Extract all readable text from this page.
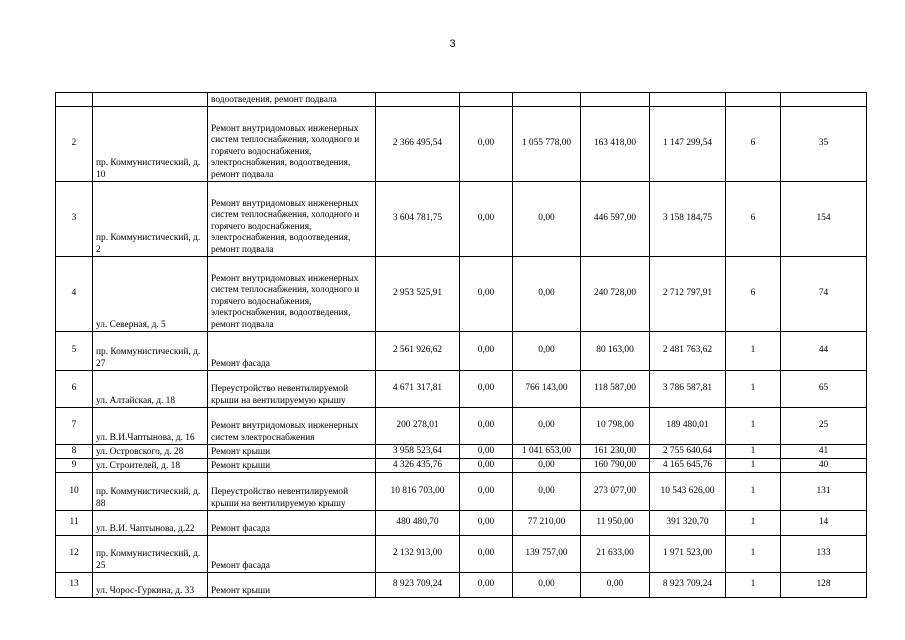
3
		водоотведения, ремонт подвала							
2	пр. Коммунистический, д. 10	Ремонт внутридомовых инженерных систем теплоснабжения, холодного и горячего водоснабжения, электроснабжения, водоотведения, ремонт подвала	2 366 495,54	0,00	1 055 778,00	163 418,00	1 147 299,54	6	35
3	пр. Коммунистический, д. 2	Ремонт внутридомовых инженерных систем теплоснабжения, холодного и горячего водоснабжения, электроснабжения, водоотведения, ремонт подвала	3 604 781,75	0,00	0,00	446 597,00	3 158 184,75	6	154
4	ул. Северная, д. 5	Ремонт внутридомовых инженерных систем теплоснабжения, холодного и горячего водоснабжения, электроснабжения, водоотведения, ремонт подвала	2 953 525,91	0,00	0,00	240 728,00	2 712 797,91	6	74
5	пр. Коммунистический, д. 27	Ремонт фасада	2 561 926,62	0,00	0,00	80 163,00	2 481 763,62	1	44
6	ул. Алтайская, д. 18	Переустройство невентилируемой крыши на вентилируемую крышу	4 671 317,81	0,00	766 143,00	118 587,00	3 786 587,81	1	65
7	ул. В.И.Чаптынова, д. 16	Ремонт внутридомовых инженерных систем электроснабжения	200 278,01	0,00	0,00	10 798,00	189 480,01	1	25
8	ул. Островского, д. 28	Ремонт крыши	3 958 523,64	0,00	1 041 653,00	161 230,00	2 755 640,64	1	41
9	ул. Строителей, д. 18	Ремонт крыши	4 326 435,76	0,00	0,00	160 790,00	4 165 645,76	1	40
10	пр. Коммунистический, д. 88	Переустройство невентилируемой крыши на вентилируемую крышу	10 816 703,00	0,00	0,00	273 077,00	10 543 626,00	1	131
11	ул. В.И. Чаптынова, д.22	Ремонт фасада	480 480,70	0,00	77 210,00	11 950,00	391 320,70	1	14
12	пр. Коммунистический, д. 25	Ремонт фасада	2 132 913,00	0,00	139 757,00	21 633,00	1 971 523,00	1	133
13	ул. Чорос-Гуркина, д. 33	Ремонт крыши	8 923 709,24	0,00	0,00	0,00	8 923 709,24	1	128
